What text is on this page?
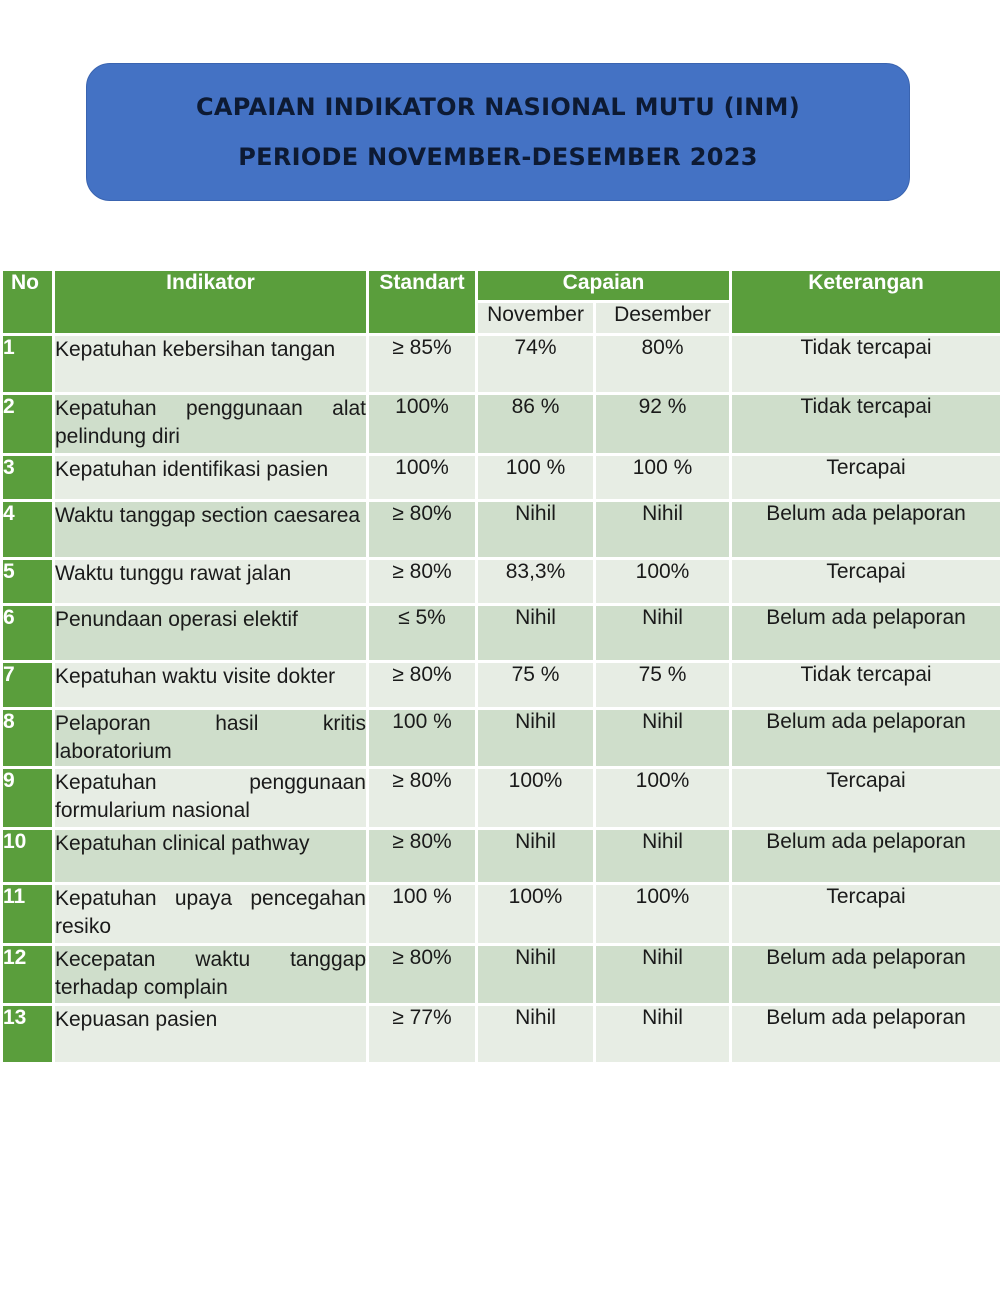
CAPAIAN INDIKATOR NASIONAL MUTU (INM)
PERIODE NOVEMBER-DESEMBER 2023
No	Indikator	Standart	Capaian		Keterangan
			November	Desember	
1	Kepatuhan kebersihan tangan	≥ 85%	74%	80%	Tidak tercapai
2	Kepatuhan penggunaan alat pelindung diri	100%	86 %	92 %	Tidak tercapai
3	Kepatuhan identifikasi pasien	100%	100 %	100 %	Tercapai
4	Waktu tanggap section caesarea	≥ 80%	Nihil	Nihil	Belum ada pelaporan
5	Waktu tunggu rawat jalan	≥ 80%	83,3%	100%	Tercapai
6	Penundaan operasi elektif	≤ 5%	Nihil	Nihil	Belum ada pelaporan
7	Kepatuhan waktu visite dokter	≥ 80%	75 %	75 %	Tidak tercapai
8	Pelaporan hasil kritis laboratorium	100 %	Nihil	Nihil	Belum ada pelaporan
9	Kepatuhan penggunaan formularium nasional	≥ 80%	100%	100%	Tercapai
10	Kepatuhan clinical pathway	≥ 80%	Nihil	Nihil	Belum ada pelaporan
11	Kepatuhan upaya pencegahan resiko	100 %	100%	100%	Tercapai
12	Kecepatan waktu tanggap terhadap complain	≥ 80%	Nihil	Nihil	Belum ada pelaporan
13	Kepuasan pasien	≥ 77%	Nihil	Nihil	Belum ada pelaporan
